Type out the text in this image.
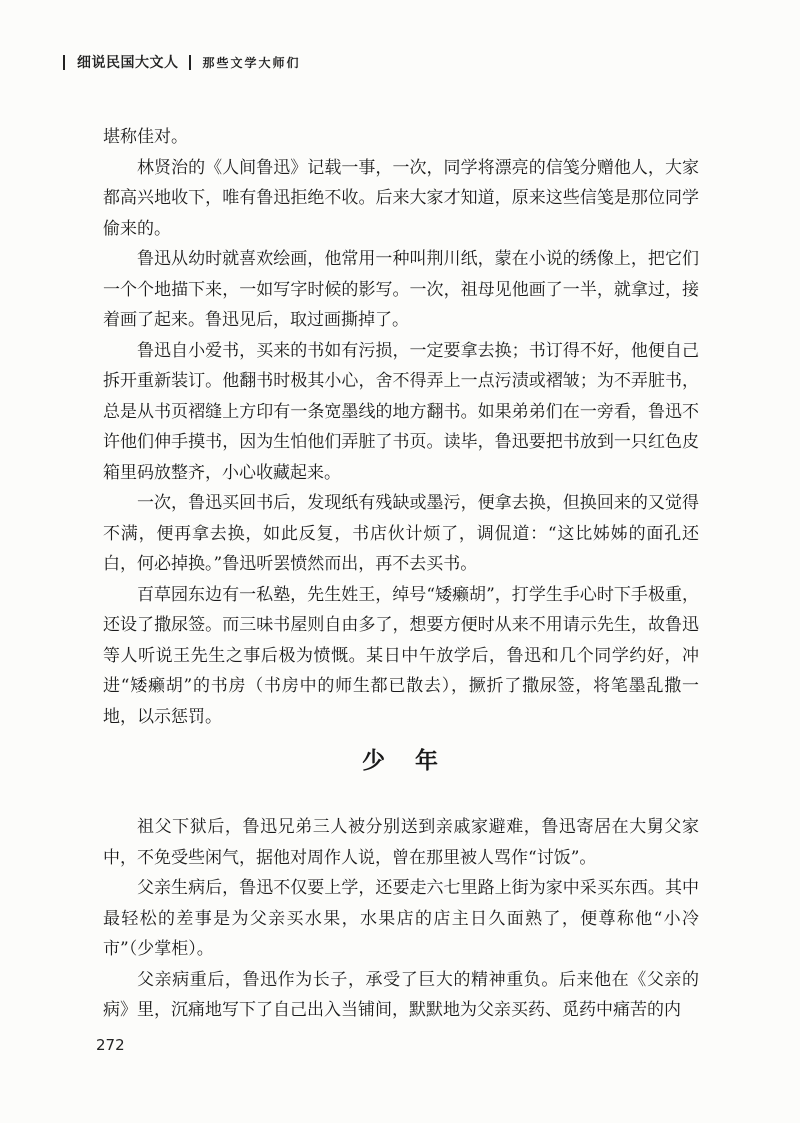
细说民国大文人 那些文学大师们

堪称佳对。

林贤治的《人间鲁迅》记载一事，一次，同学将漂亮的信笺分赠他人，大家都高兴地收下，唯有鲁迅拒绝不收。后来大家才知道，原来这些信笺是那位同学偷来的。

鲁迅从幼时就喜欢绘画，他常用一种叫荆川纸，蒙在小说的绣像上，把它们一个个地描下来，一如写字时候的影写。一次，祖母见他画了一半，就拿过，接着画了起来。鲁迅见后，取过画撕掉了。

鲁迅自小爱书，买来的书如有污损，一定要拿去换；书订得不好，他便自己拆开重新装订。他翻书时极其小心，舍不得弄上一点污渍或褶皱；为不弄脏书，总是从书页褶缝上方印有一条宽墨线的地方翻书。如果弟弟们在一旁看，鲁迅不许他们伸手摸书，因为生怕他们弄脏了书页。读毕，鲁迅要把书放到一只红色皮箱里码放整齐，小心收藏起来。

一次，鲁迅买回书后，发现纸有残缺或墨污，便拿去换，但换回来的又觉得不满，便再拿去换，如此反复，书店伙计烦了，调侃道：“这比姊姊的面孔还白，何必掉换。”鲁迅听罢愤然而出，再不去买书。

百草园东边有一私塾，先生姓王，绰号“矮癞胡”，打学生手心时下手极重，还设了撒尿签。而三味书屋则自由多了，想要方便时从来不用请示先生，故鲁迅等人听说王先生之事后极为愤慨。某日中午放学后，鲁迅和几个同学约好，冲进“矮癞胡”的书房（书房中的师生都已散去），撅折了撒尿签，将笔墨乱撒一地，以示惩罚。

少年

祖父下狱后，鲁迅兄弟三人被分别送到亲戚家避难，鲁迅寄居在大舅父家中，不免受些闲气，据他对周作人说，曾在那里被人骂作“讨饭”。

父亲生病后，鲁迅不仅要上学，还要走六七里路上街为家中采买东西。其中最轻松的差事是为父亲买水果，水果店的店主日久面熟了，便尊称他“小冷市”（少掌柜）。

父亲病重后，鲁迅作为长子，承受了巨大的精神重负。后来他在《父亲的病》里，沉痛地写下了自己出入当铺间，默默地为父亲买药、觅药中痛苦的内

272
